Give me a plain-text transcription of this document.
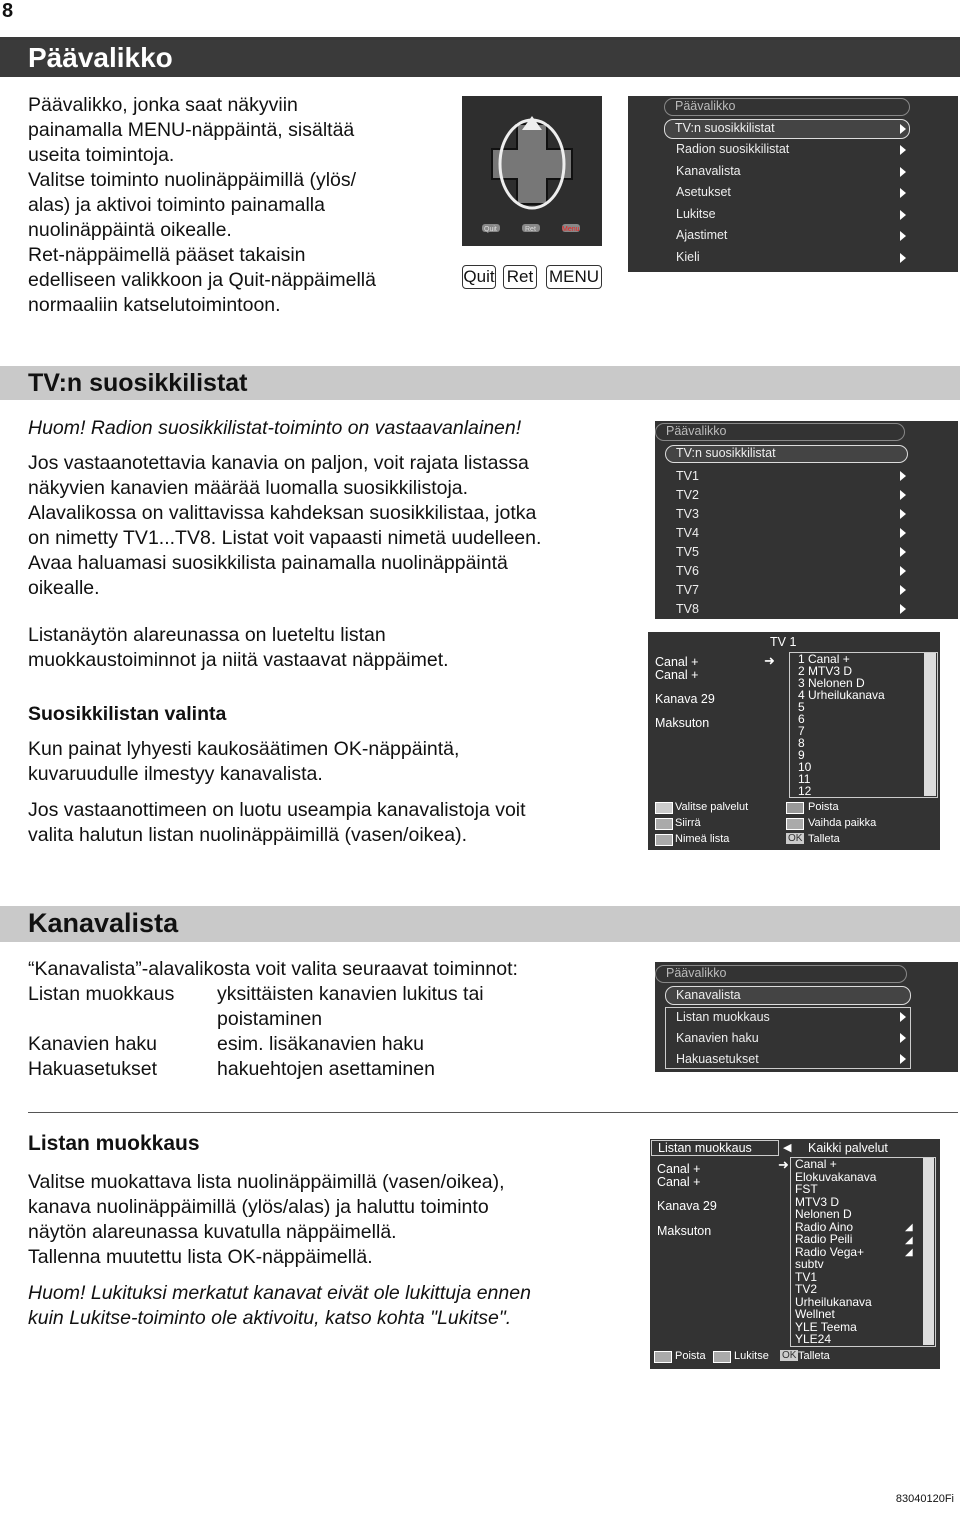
8
Päävalikko

Päävalikko, jonka saat näkyviin

painamalla MENU-näppäintä, sisältää

useita toimintoja.

Valitse toiminto nuolinäppäimillä (ylös/

alas) ja aktivoi toiminto painamalla

nuolinäppäintä oikealle.

Ret-näppäimellä pääset takaisin

edelliseen valikkoon ja Quit-näppäimellä

normaaliin katselutoimintoon.

Quit	Ret	Menu
Quit Ret MENU
Päävalikko
TV:n suosikkilistat
Radion suosikkilistat
Kanavalista
Asetukset
Lukitse
Ajastimet
Kieli
TV:n suosikkilistat
Huom! Radion suosikkilistat-toiminto on vastaavanlainen!

Jos vastaanotettavia kanavia on paljon, voit rajata listassa

näkyvien kanavien määrää luomalla suosikkilistoja.

Alavalikossa on valittavissa kahdeksan suosikkilistaa, jotka

on nimetty TV1...TV8. Listat voit vapaasti nimetä uudelleen.

Avaa haluamasi suosikkilista painamalla nuolinäppäintä

oikealle.

Listanäytön alareunassa on lueteltu listan

muokkaustoiminnot ja niitä vastaavat näppäimet.

Suosikkilistan valinta

Kun painat lyhyesti kaukosäätimen OK-näppäintä,

kuvaruudulle ilmestyy kanavalista.

Jos vastaanottimeen on luotu useampia kanavalistoja voit

valita halutun listan nuolinäppäimillä (vasen/oikea).

Päävalikko
TV:n suosikkilistat
TV1
TV2
TV3
TV4
TV5
TV6
TV7
TV8
TV 1
Canal +
Canal +
Kanava 29
Maksuton
➜ 1 Canal +
2 MTV3 D
3 Nelonen D
4 Urheilukanava
5
6
7
8
9
10
11
12
Valitse palvelut	Poista
Siirrä	Vaihda paikka
Nimeä lista	OK Talleta
Kanavalista
“Kanavalista”-alavalikosta voit valita seuraavat toiminnot:
Listan muokkaus	yksittäisten kanavien lukitus tai
poistaminen
Kanavien haku	esim. lisäkanavien haku
Hakuasetukset	hakuehtojen asettaminen
Päävalikko
Kanavalista
Listan muokkaus
Kanavien haku
Hakuasetukset
Listan muokkaus

Valitse muokattava lista nuolinäppäimillä (vasen/oikea),

kanava nuolinäppäimillä (ylös/alas) ja haluttu toiminto

näytön alareunassa kuvatulla näppäimellä.

Tallenna muutettu lista OK-näppäimellä.

Huom! Lukituksi merkatut kanavat eivät ole lukittuja ennen

kuin Lukitse-toiminto ole aktivoitu, katso kohta "Lukitse".

Listan muokkaus	◀ Kaikki palvelut
Canal +
Canal +
Kanava 29
Maksuton
➜ Canal +
Elokuvakanava
FST
MTV3 D
Nelonen D
Radio Aino
Radio Peili
Radio Vega+
subtv
TV1
TV2
Urheilukanava
Wellnet
YLE Teema
YLE24
◢
◢
◢
Poista	Lukitse OK Talleta
83040120Fi
